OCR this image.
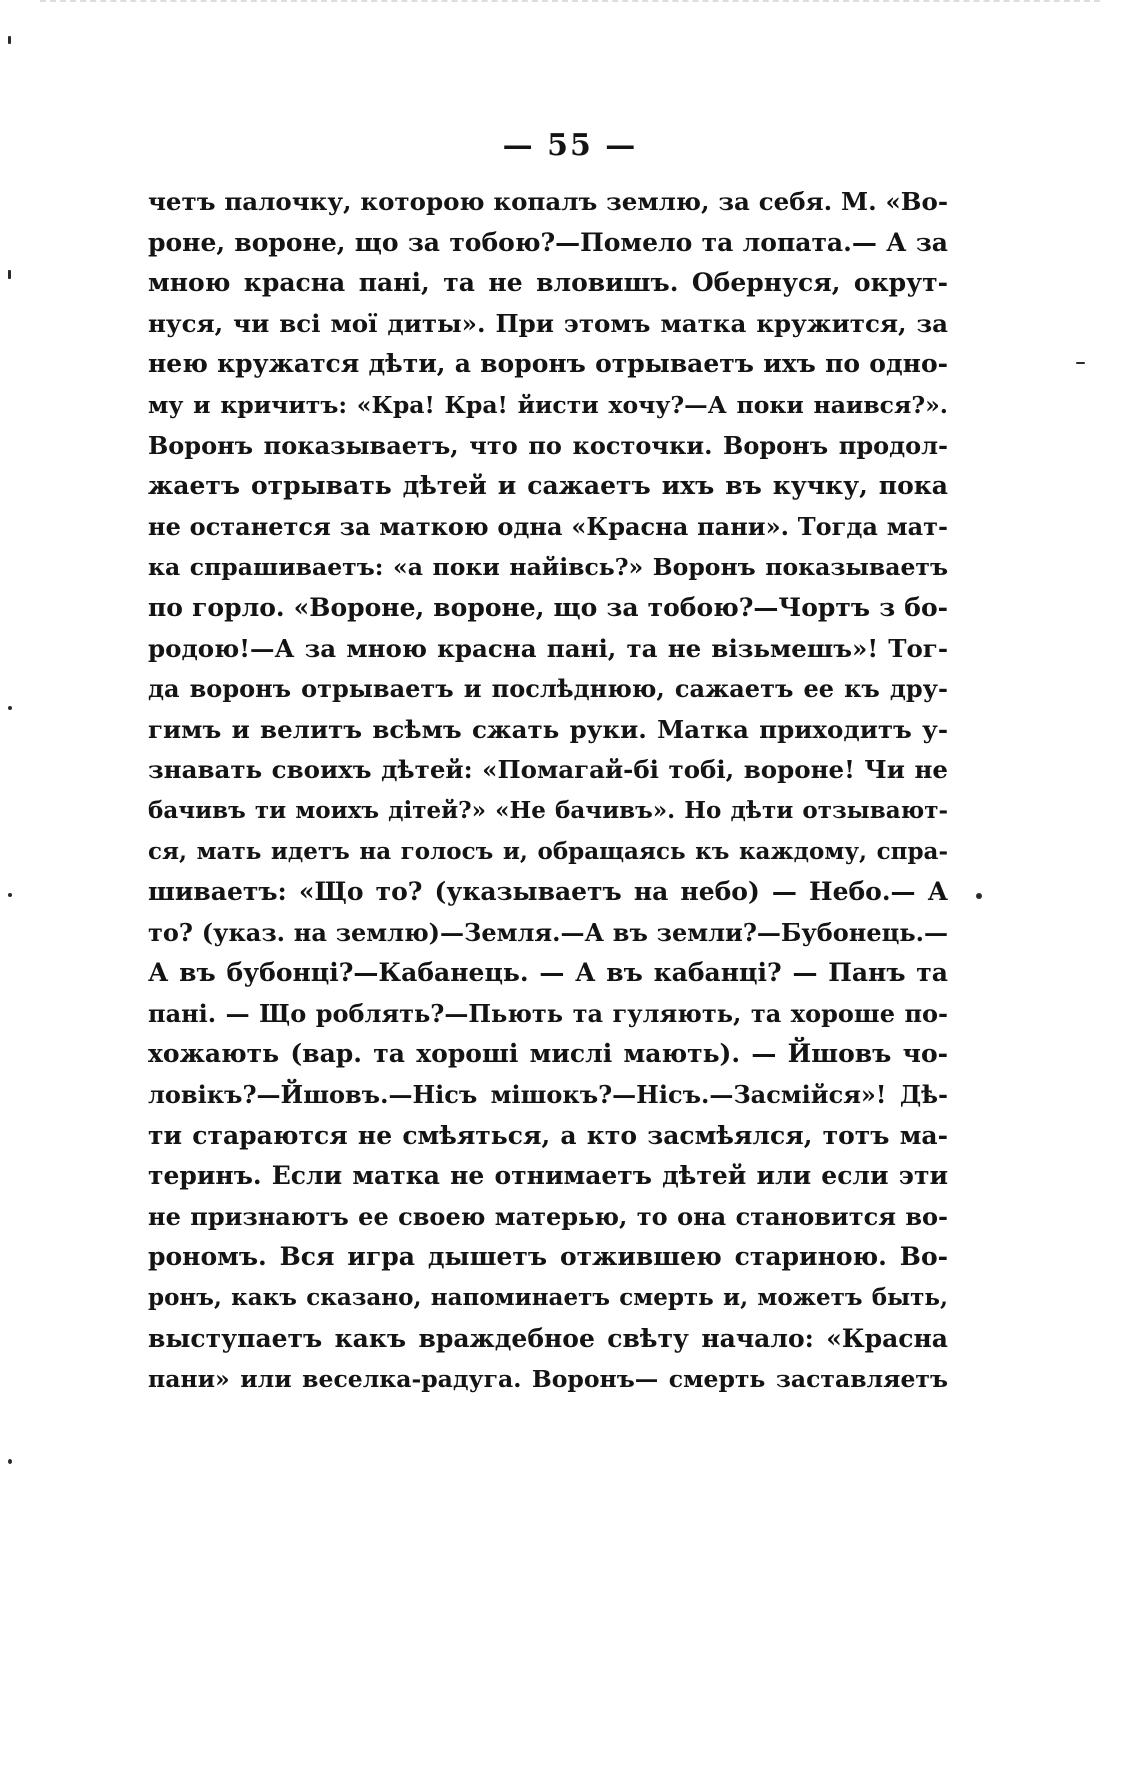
— 55 —
четъ палочку, которою копалъ землю, за себя. М. «Во-
роне, вороне, що за тобою?—Помело та лопата.— А за
мною красна пані, та не вловишъ. Обернуся, окрут-
нуся, чи всі мої диты». При этомъ матка кружится, за
нею кружатся дѣти, а воронъ отрываетъ ихъ по одно-
му и кричитъ: «Кра! Кра! йисти хочу?—А поки наився?».
Воронъ показываетъ, что по косточки. Воронъ продол-
жаетъ отрывать дѣтей и сажаетъ ихъ въ кучку, пока
не останется за маткою одна «Красна пани». Тогда мат-
ка спрашиваетъ: «а поки найівсь?» Воронъ показываетъ
по горло. «Вороне, вороне, що за тобою?—Чортъ з бо-
родою!—А за мною красна пані, та не візьмешъ»! Тог-
да воронъ отрываетъ и послѣднюю, сажаетъ ее къ дру-
гимъ и велитъ всѣмъ сжать руки. Матка приходитъ у-
знавать своихъ дѣтей: «Помагай-бі тобі, вороне! Чи не
бачивъ ти моихъ дітей?» «Не бачивъ». Но дѣти отзывают-
ся, мать идетъ на голосъ и, обращаясь къ каждому, спра-
шиваетъ: «Що то? (указываетъ на небо) — Небо.— А
то? (указ. на землю)—Земля.—А въ земли?—Бубонець.—
А въ бубонці?—Кабанець. — А въ кабанці? — Панъ та
пані. — Що роблять?—Пьють та гуляють, та хороше по-
хожають (вар. та хороші мислі мають). — Йшовъ чо-
ловікъ?—Йшовъ.—Нісъ мішокъ?—Нісъ.—Засмійся»! Дѣ-
ти стараются не смѣяться, а кто засмѣялся, тотъ ма-
теринъ. Если матка не отнимаетъ дѣтей или если эти
не признаютъ ее своею матерью, то она становится во-
рономъ. Вся игра дышетъ отжившею стариною. Во-
ронъ, какъ сказано, напоминаетъ смерть и, можетъ быть,
выступаетъ какъ враждебное свѣту начало: «Красна
пани» или веселка-радуга. Воронъ— смерть заставляетъ
